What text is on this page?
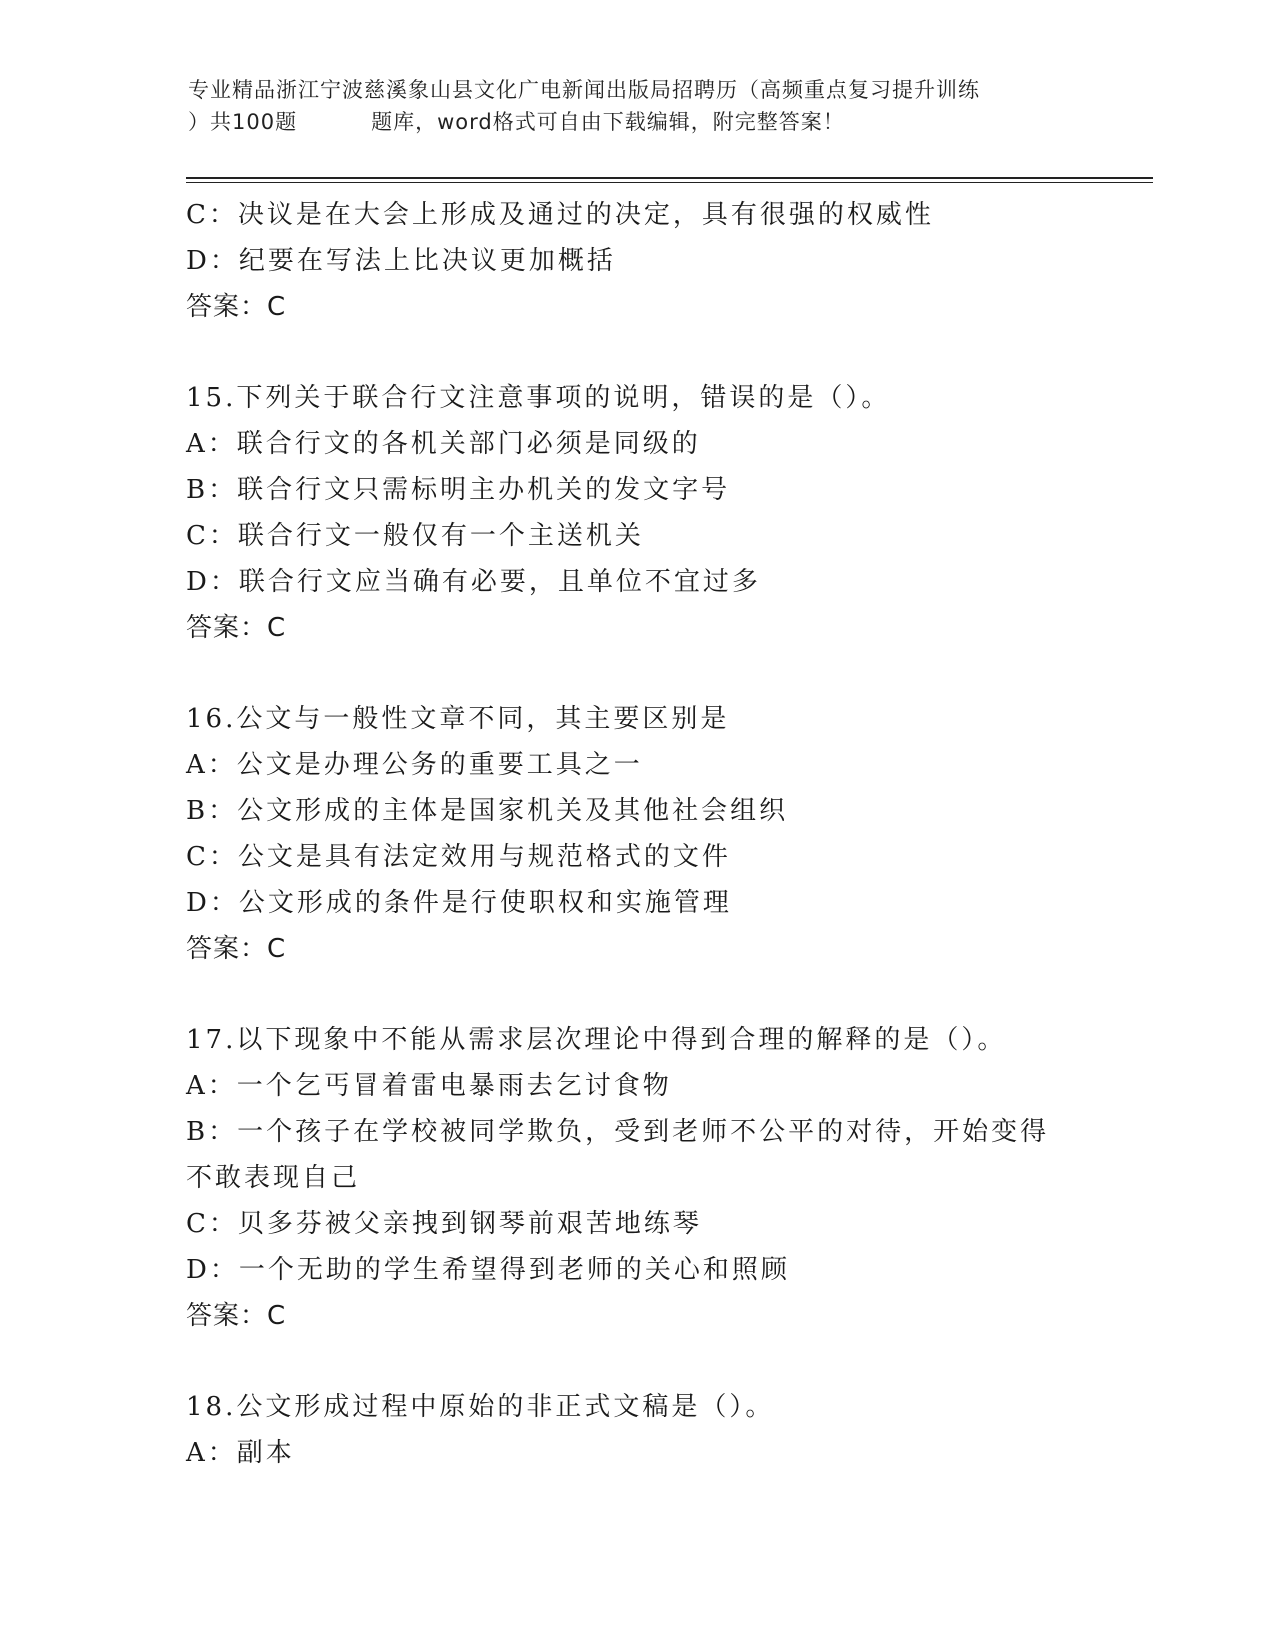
专业精品浙江宁波慈溪象山县文化广电新闻出版局招聘历（高频重点复习提升训练
）共100题	题库，word格式可自由下载编辑，附完整答案！
C：决议是在大会上形成及通过的决定，具有很强的权威性
D：纪要在写法上比决议更加概括
答案：C
15.下列关于联合行文注意事项的说明，错误的是（）。
A：联合行文的各机关部门必须是同级的
B：联合行文只需标明主办机关的发文字号
C：联合行文一般仅有一个主送机关
D：联合行文应当确有必要，且单位不宜过多
答案：C
16.公文与一般性文章不同，其主要区别是
A：公文是办理公务的重要工具之一
B：公文形成的主体是国家机关及其他社会组织
C：公文是具有法定效用与规范格式的文件
D：公文形成的条件是行使职权和实施管理
答案：C
17.以下现象中不能从需求层次理论中得到合理的解释的是（）。
A：一个乞丐冒着雷电暴雨去乞讨食物
B：一个孩子在学校被同学欺负，受到老师不公平的对待，开始变得不敢表现自己
C：贝多芬被父亲拽到钢琴前艰苦地练琴
D：一个无助的学生希望得到老师的关心和照顾
答案：C
18.公文形成过程中原始的非正式文稿是（）。
A：副本
